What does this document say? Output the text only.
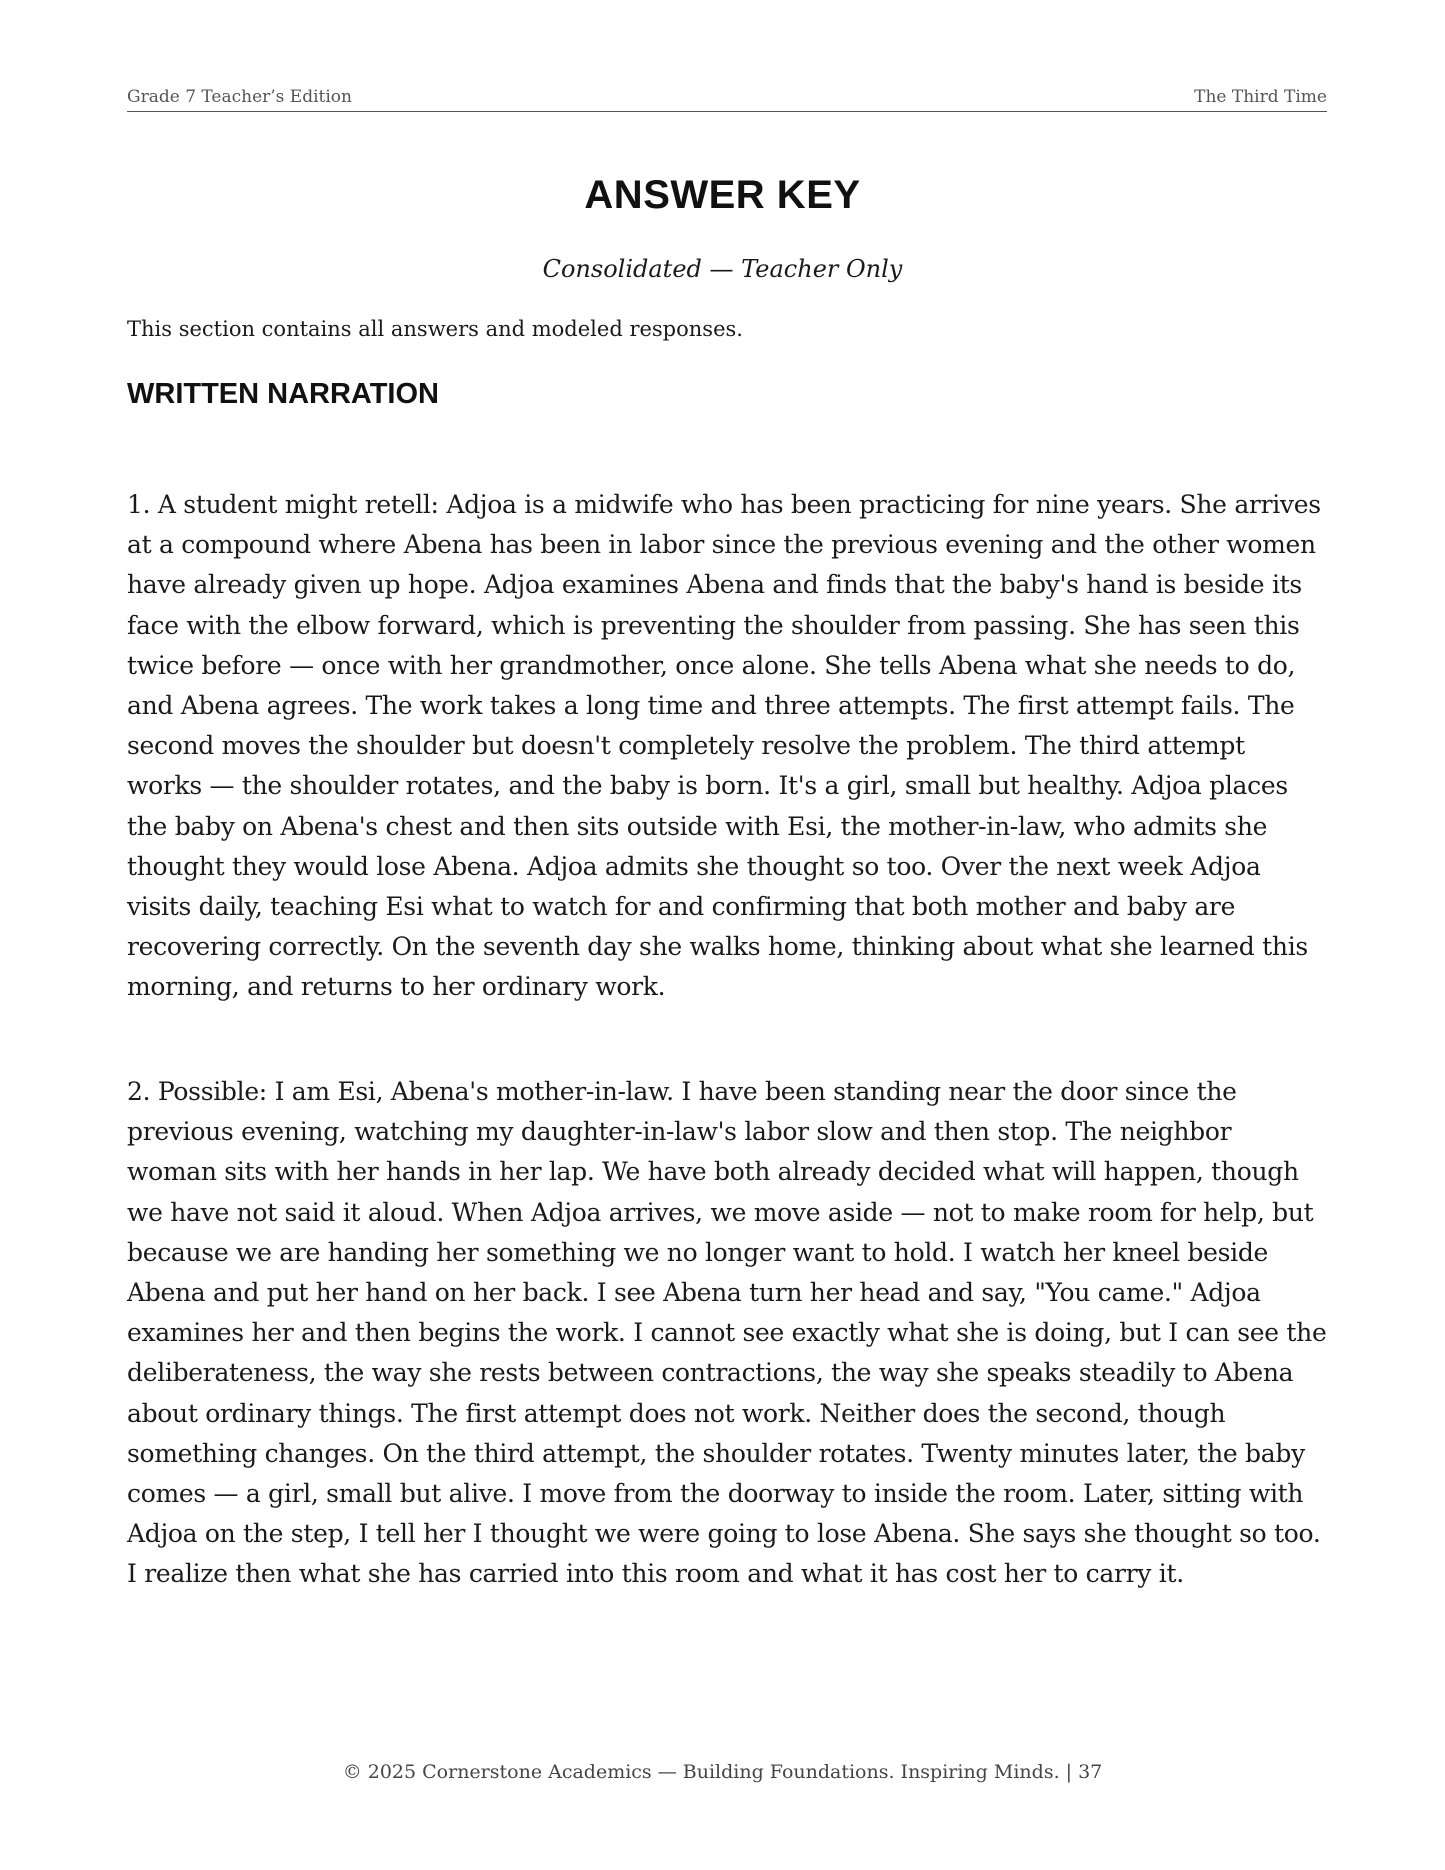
Grade 7 Teacher’s Edition	The Third Time
ANSWER KEY
Consolidated — Teacher Only
This section contains all answers and modeled responses.
WRITTEN NARRATION

1. A student might retell: Adjoa is a midwife who has been practicing for nine years. She arrives at a compound where Abena has been in labor since the previous evening and the other women have already given up hope. Adjoa examines Abena and finds that the baby's hand is beside its face with the elbow forward, which is preventing the shoulder from passing. She has seen this twice before — once with her grandmother, once alone. She tells Abena what she needs to do, and Abena agrees. The work takes a long time and three attempts. The first attempt fails. The second moves the shoulder but doesn't completely resolve the problem. The third attempt works — the shoulder rotates, and the baby is born. It's a girl, small but healthy. Adjoa places the baby on Abena's chest and then sits outside with Esi, the mother-in-law, who admits she thought they would lose Abena. Adjoa admits she thought so too. Over the next week Adjoa visits daily, teaching Esi what to watch for and confirming that both mother and baby are recovering correctly. On the seventh day she walks home, thinking about what she learned this morning, and returns to her ordinary work.

2. Possible: I am Esi, Abena's mother-in-law. I have been standing near the door since the previous evening, watching my daughter-in-law's labor slow and then stop. The neighbor woman sits with her hands in her lap. We have both already decided what will happen, though we have not said it aloud. When Adjoa arrives, we move aside — not to make room for help, but because we are handing her something we no longer want to hold. I watch her kneel beside Abena and put her hand on her back. I see Abena turn her head and say, "You came." Adjoa examines her and then begins the work. I cannot see exactly what she is doing, but I can see the deliberateness, the way she rests between contractions, the way she speaks steadily to Abena about ordinary things. The first attempt does not work. Neither does the second, though something changes. On the third attempt, the shoulder rotates. Twenty minutes later, the baby comes — a girl, small but alive. I move from the doorway to inside the room. Later, sitting with Adjoa on the step, I tell her I thought we were going to lose Abena. She says she thought so too. I realize then what she has carried into this room and what it has cost her to carry it.

© 2025 Cornerstone Academics — Building Foundations. Inspiring Minds. | 37
